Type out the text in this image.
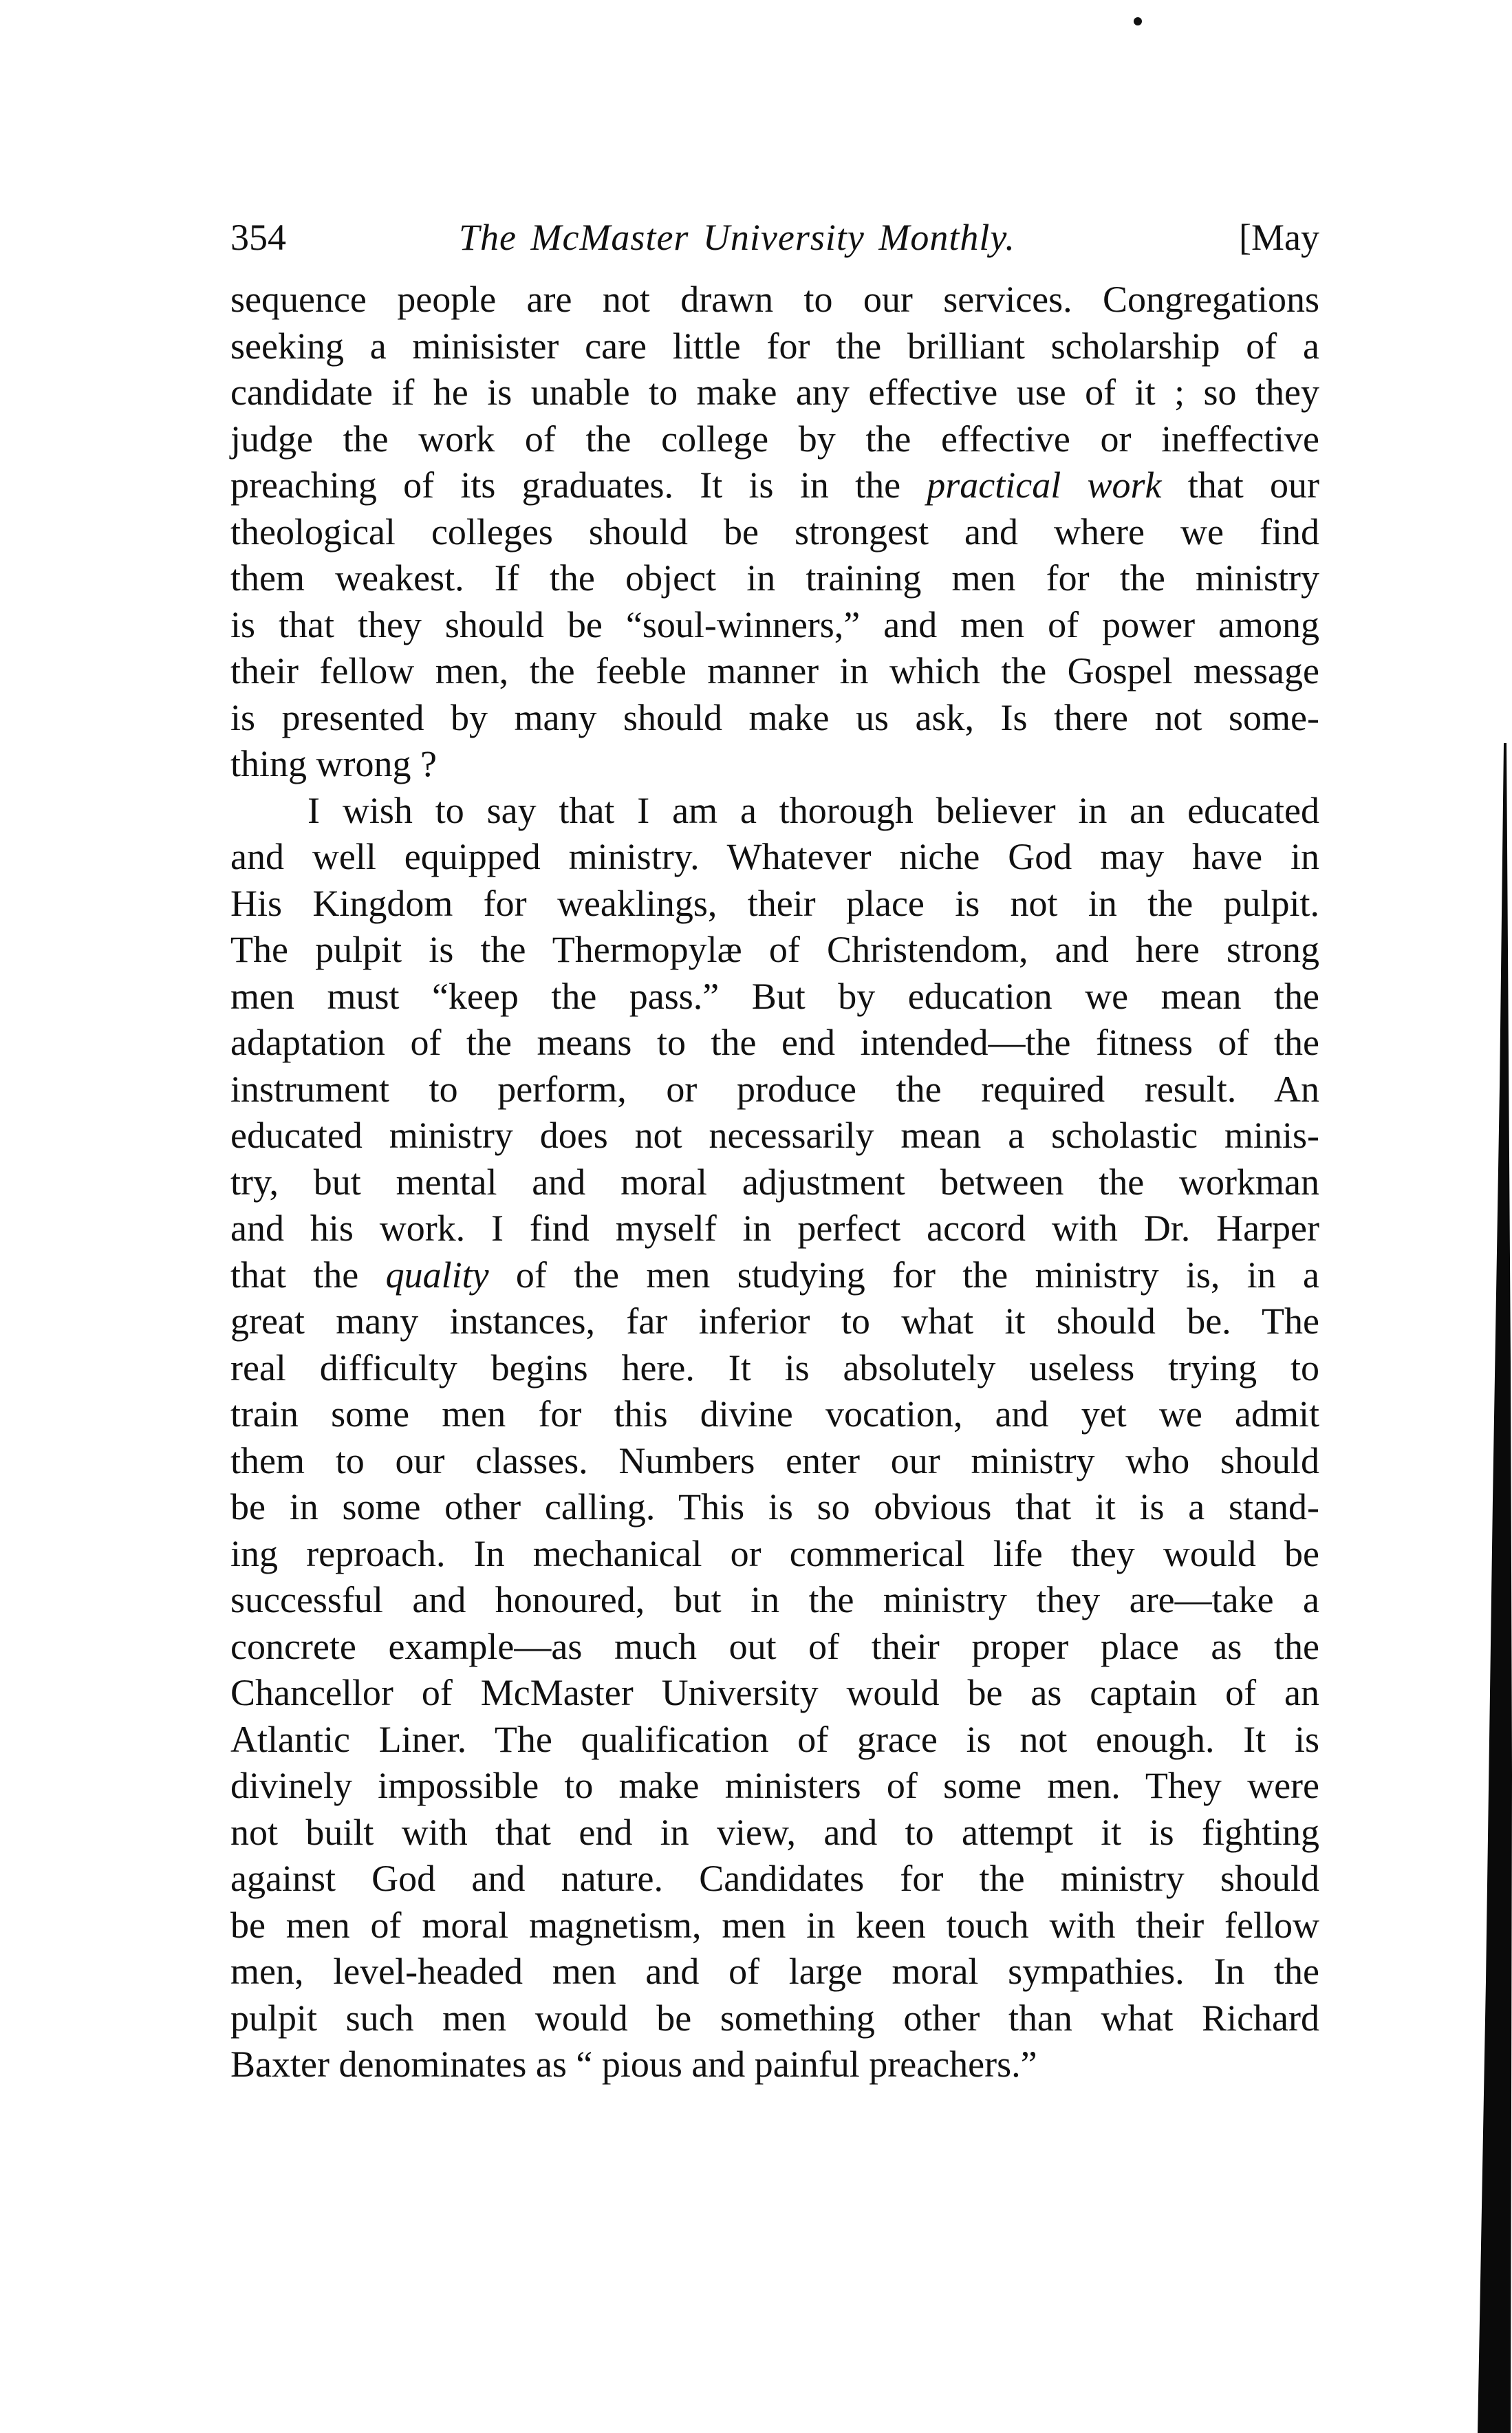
354	The McMaster University Monthly.	[May
sequence people are not drawn to our services. Congregations
seeking a minisister care little for the brilliant scholarship of a
candidate if he is unable to make any effective use of it ; so they
judge the work of the college by the effective or ineffective
preaching of its graduates. It is in the practical work that our
theological colleges should be strongest and where we find
them weakest. If the object in training men for the ministry
is that they should be “soul-winners,” and men of power among
their fellow men, the feeble manner in which the Gospel message
is presented by many should make us ask, Is there not some-
thing wrong ?
I wish to say that I am a thorough believer in an educated
and well equipped ministry. Whatever niche God may have in
His Kingdom for weaklings, their place is not in the pulpit.
The pulpit is the Thermopylæ of Christendom, and here strong
men must “keep the pass.” But by education we mean the
adaptation of the means to the end intended—the fitness of the
instrument to perform, or produce the required result. An
educated ministry does not necessarily mean a scholastic minis-
try, but mental and moral adjustment between the workman
and his work. I find myself in perfect accord with Dr. Harper
that the quality of the men studying for the ministry is, in a
great many instances, far inferior to what it should be. The
real difficulty begins here. It is absolutely useless trying to
train some men for this divine vocation, and yet we admit
them to our classes. Numbers enter our ministry who should
be in some other calling. This is so obvious that it is a stand-
ing reproach. In mechanical or commerical life they would be
successful and honoured, but in the ministry they are—take a
concrete example—as much out of their proper place as the
Chancellor of McMaster University would be as captain of an
Atlantic Liner. The qualification of grace is not enough. It is
divinely impossible to make ministers of some men. They were
not built with that end in view, and to attempt it is fighting
against God and nature. Candidates for the ministry should
be men of moral magnetism, men in keen touch with their fellow
men, level-headed men and of large moral sympathies. In the
pulpit such men would be something other than what Richard
Baxter denominates as “ pious and painful preachers.”
